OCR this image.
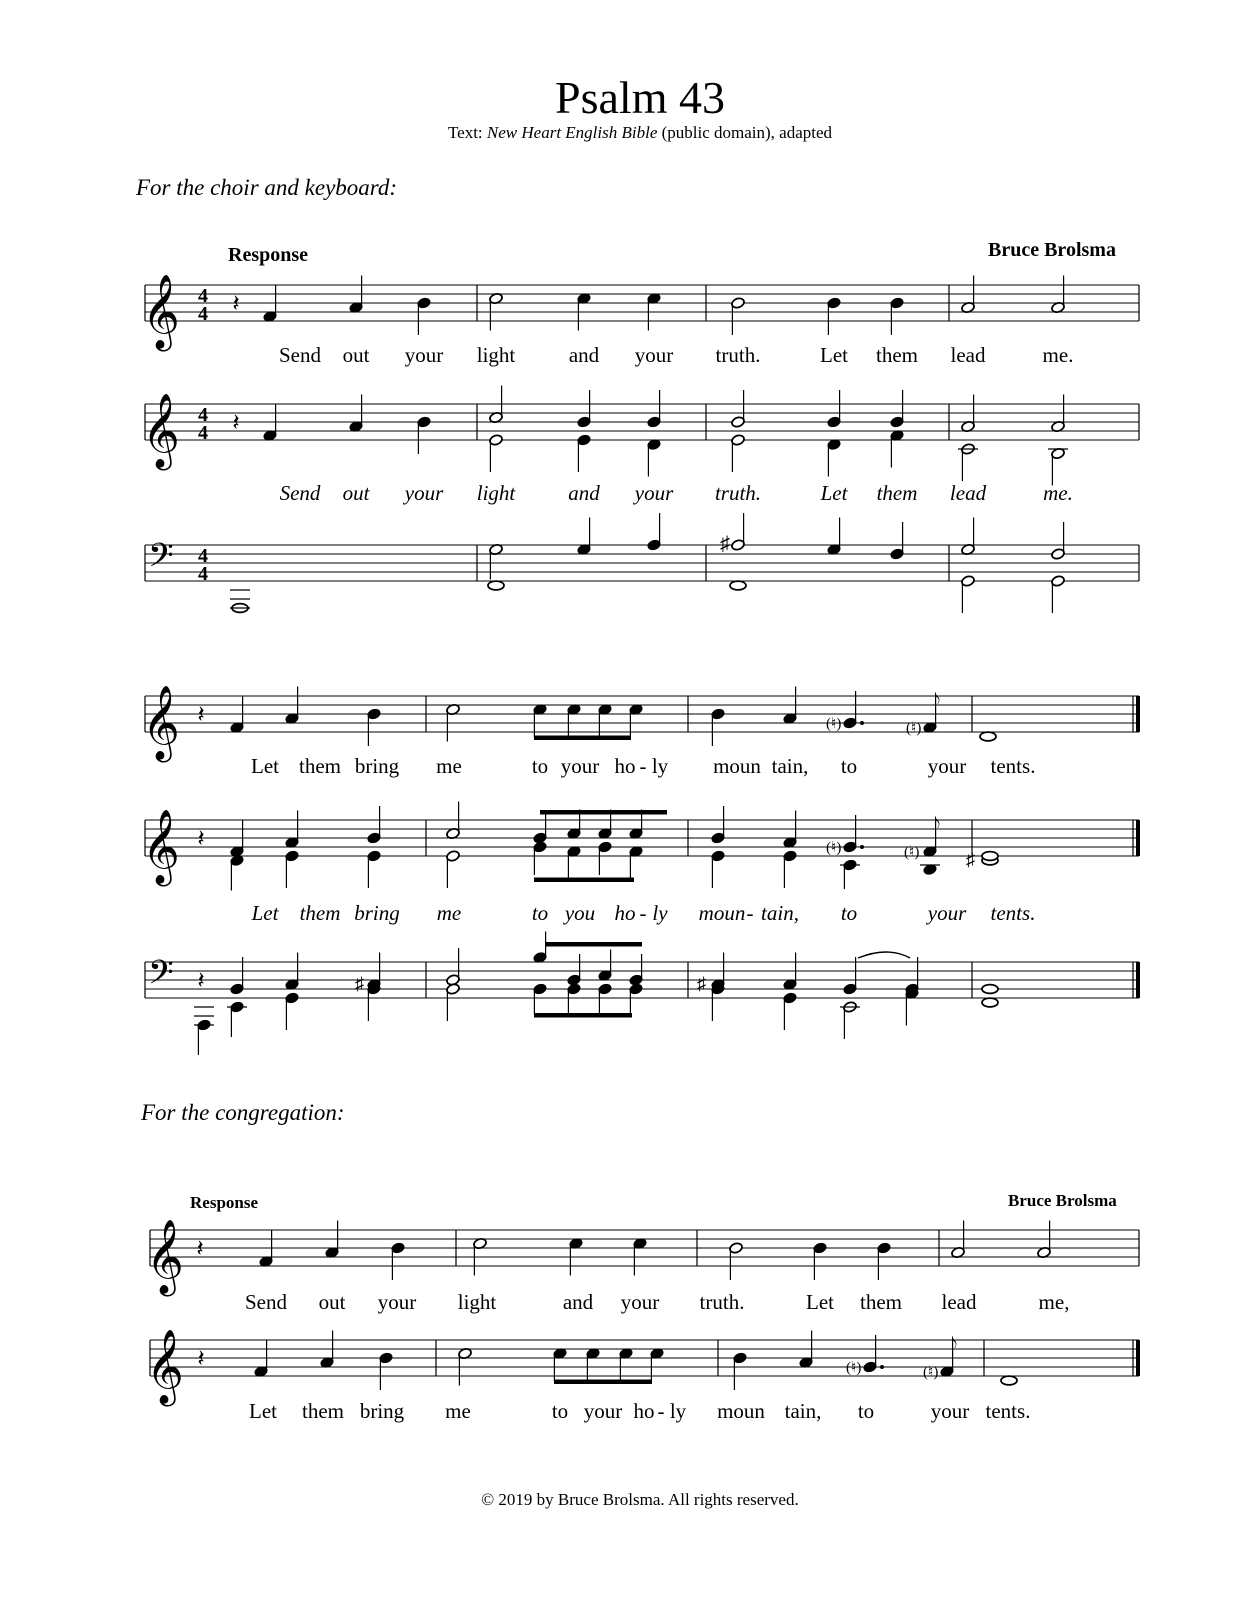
Psalm 43
Text: New Heart English Bible (public domain), adapted
For the choir and keyboard:
For the congregation:
Response	Bruce Brolsma
Response	Bruce Brolsma
© 2019 by Bruce Brolsma. All rights reserved.
𝄞 4
4 𝄽
Send out your light	and your truth.	Let them lead	me.
𝄞 4
4 𝄽
Send out your light	and your truth.	Let them lead	me.
𝄢 4
4
♯
𝄞 𝄽	(♮)	(♮)
𝅮
Let them bring me	to your ho - ly moun tain, to	your tents.
𝄞 𝄽	(♮)	(♮)
𝅮
♯
Let them bring me	to you ho - ly moun - tain, to	your tents.
𝄢 𝄽	♯	♯
𝄞 𝄽
Send out your light	and your truth.	Let them lead	me,
𝄞 𝄽	(♮)	(♮)
𝅮
Let them bring me	to your ho - ly moun tain, to	your tents.
